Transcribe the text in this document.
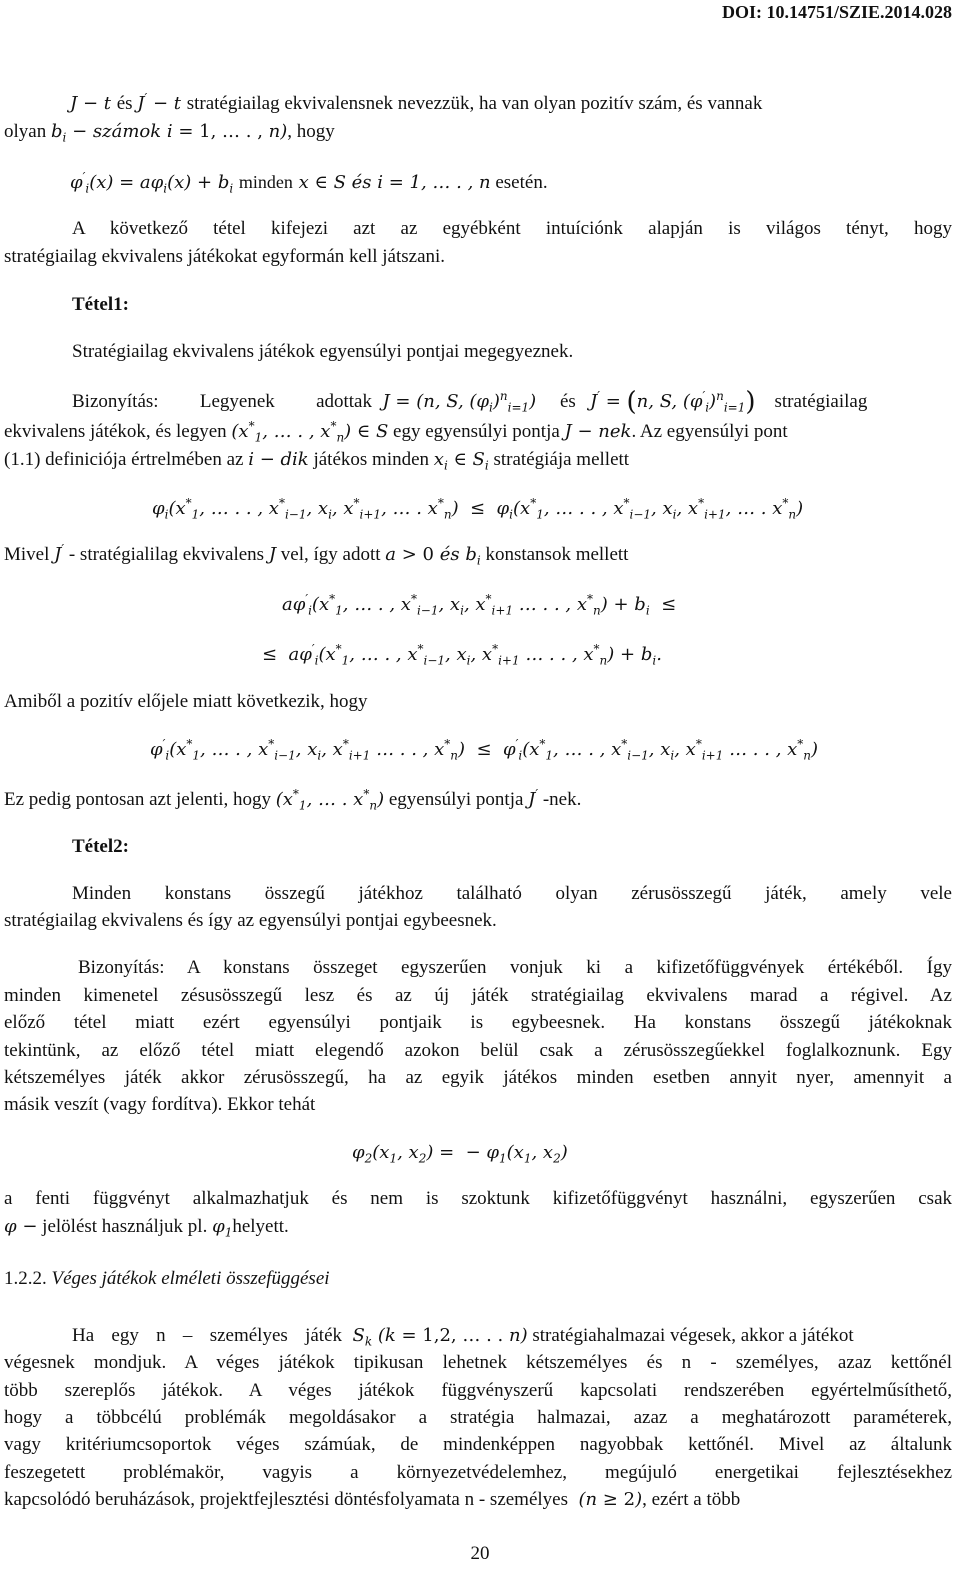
DOI: 10.14751/SZIE.2014.028
J − t és J′ − t stratégiailag ekvivalensnek nevezzük, ha van olyan pozitív szám, és vannak
olyan $b_i$ − számok i = 1, … . , n), hogy
$\varphi'_i(x) = a\varphi_i(x) + b_i$ minden x ∈ S és i = 1, … . , n esetén.
A következő tétel kifejezi azt az egyébként intuíciónk alapján is világos tényt, hogy
stratégiailag ekvivalens játékokat egyformán kell játszani.
Tétel1:
Stratégiailag ekvivalens játékok egyensúlyi pontjai megegyeznek.
Bizonyítás: Legyenek adottak  J = (n, S, $(\varphi_i)^n_{i=1}$) és J′ = (n, S, $(\varphi'_i)^n_{i=1}$) stratégiailag
ekvivalens játékok, és legyen ($x^*_1$, … . , $x^*_n$) ∈ S egy egyensúlyi pontja J − nek. Az egyensúlyi pont
(1.1) definiciója értrelmében az i − dik játékos minden $x_i$ ∈ $S_i$ stratégiája mellett
$\varphi_i(x^*_1$, … . . , $x^*_{i-1}$, $x_i$, $x^*_{i+1}$, … . $x^*_n) \le \varphi_i(x^*_1$, … . . , $x^*_{i-1}$, $x_i$, $x^*_{i+1}$, … . $x^*_n$)
Mivel J′ - stratégialilag ekvivalens J vel, így adott a > 0 és $b_i$ konstansok mellett
$a\varphi'_i(x^*_1$, … . , $x^*_{i-1}$, $x_i$, $x^*_{i+1}$ … . . , $x^*_n) + b_i$  ≤
≤  $a\varphi'_i(x^*_1$, … . , $x^*_{i-1}$, $x_i$, $x^*_{i+1}$ … . . , $x^*_n) + b_i$.
Amiből a pozitív előjele miatt következik, hogy
$\varphi'_i(x^*_1$, … . , $x^*_{i-1}$, $x_i$, $x^*_{i+1}$ … . . , $x^*_n) \le \varphi'_i(x^*_1$, … . , $x^*_{i-1}$, $x_i$, $x^*_{i+1}$ … . . , $x^*_n$)
Ez pedig pontosan azt jelenti, hogy ($x^*_1$, … . $x^*_n$) egyensúlyi pontja J′ -nek.
Tétel2:
Minden konstans összegű játékhoz található olyan zérusösszegű játék, amely vele
stratégiailag ekvivalens és így az egyensúlyi pontjai egybeesnek.
Bizonyítás: A konstans összeget egyszerűen vonjuk ki a kifizetőfüggvények értékéből. Így
minden kimenetel zésusösszegű lesz és az új játék stratégiailag ekvivalens marad a régivel. Az
előző tétel miatt ezért egyensúlyi pontjaik is egybeesnek. Ha konstans összegű játékoknak
tekintünk, az előző tétel miatt elegendő azokon belül csak a zérusösszegűekkel foglalkoznunk. Egy
kétszemélyes játék akkor zérusösszegű, ha az egyik játékos minden esetben annyit nyer, amennyit a
másik veszít (vagy fordítva). Ekkor tehát
$\varphi_2(x_1$, $x_2$) =  − $\varphi_1(x_1$, $x_2$)
a fenti függvényt alkalmazhatjuk és nem is szoktunk kifizetőfüggvényt használni, egyszerűen csak
φ − jelölést használjuk pl. $\varphi_1helyett$.
1.2.2. Véges játékok elméleti összefüggései
Ha egy n – személyes játék  $S_k$ (k = 1,2, … . . n) stratégiahalmazai végesek, akkor a játékot
végesnek mondjuk. A véges játékok tipikusan lehetnek kétszemélyes és n - személyes, azaz kettőnél
több szereplős játékok. A véges játékok függvényszerű kapcsolati rendszerében egyértelműsíthető,
hogy a többcélú problémák megoldásakor a stratégia halmazai, azaz a meghatározott paraméterek,
vagy kritériumcsoportok véges számúak, de mindenképpen nagyobbak kettőnél. Mivel az általunk
feszegetett problémakör, vagyis a környezetvédelemhez, megújuló energetikai fejlesztésekhez
kapcsolódó beruházások, projektfejlesztési döntésfolyamata n - személyes  (n ≥ 2), ezért a több
20
